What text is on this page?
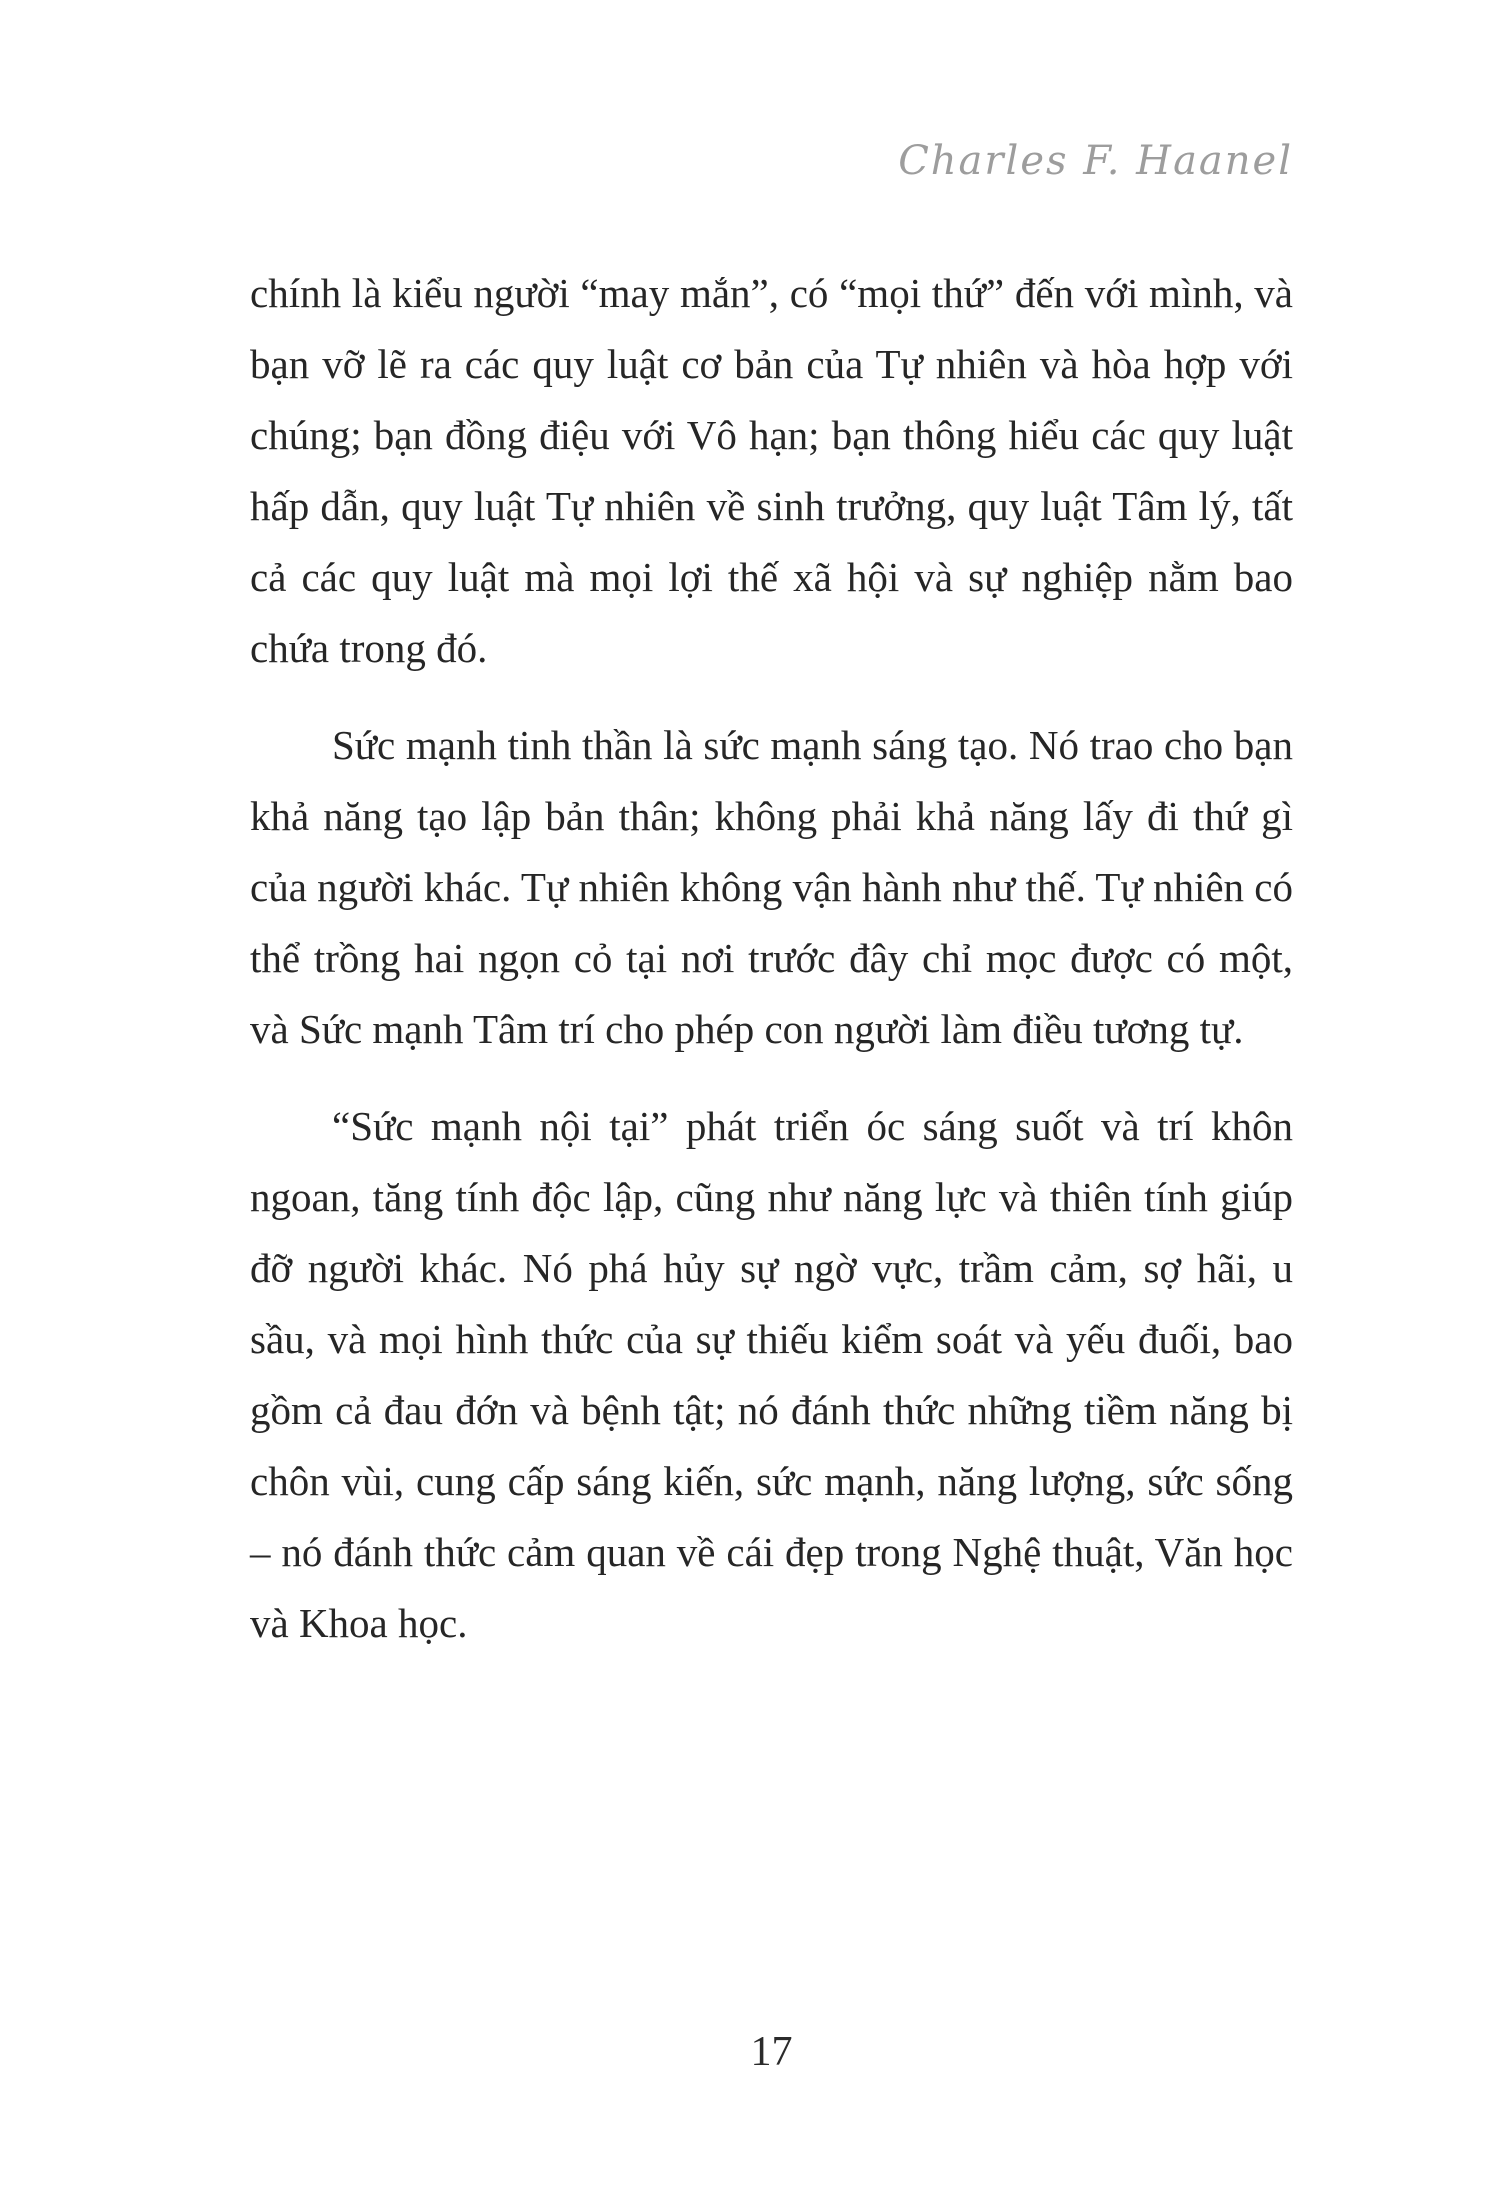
Charles F. Haanel

chính là kiểu người “may mắn”, có “mọi thứ” đến với mình, và bạn vỡ lẽ ra các quy luật cơ bản của Tự nhiên và hòa hợp với chúng; bạn đồng điệu với Vô hạn; bạn thông hiểu các quy luật hấp dẫn, quy luật Tự nhiên về sinh trưởng, quy luật Tâm lý, tất cả các quy luật mà mọi lợi thế xã hội và sự nghiệp nằm bao chứa trong đó.

Sức mạnh tinh thần là sức mạnh sáng tạo. Nó trao cho bạn khả năng tạo lập bản thân; không phải khả năng lấy đi thứ gì của người khác. Tự nhiên không vận hành như thế. Tự nhiên có thể trồng hai ngọn cỏ tại nơi trước đây chỉ mọc được có một, và Sức mạnh Tâm trí cho phép con người làm điều tương tự.

“Sức mạnh nội tại” phát triển óc sáng suốt và trí khôn ngoan, tăng tính độc lập, cũng như năng lực và thiên tính giúp đỡ người khác. Nó phá hủy sự ngờ vực, trầm cảm, sợ hãi, u sầu, và mọi hình thức của sự thiếu kiểm soát và yếu đuối, bao gồm cả đau đớn và bệnh tật; nó đánh thức những tiềm năng bị chôn vùi, cung cấp sáng kiến, sức mạnh, năng lượng, sức sống – nó đánh thức cảm quan về cái đẹp trong Nghệ thuật, Văn học và Khoa học.

17
